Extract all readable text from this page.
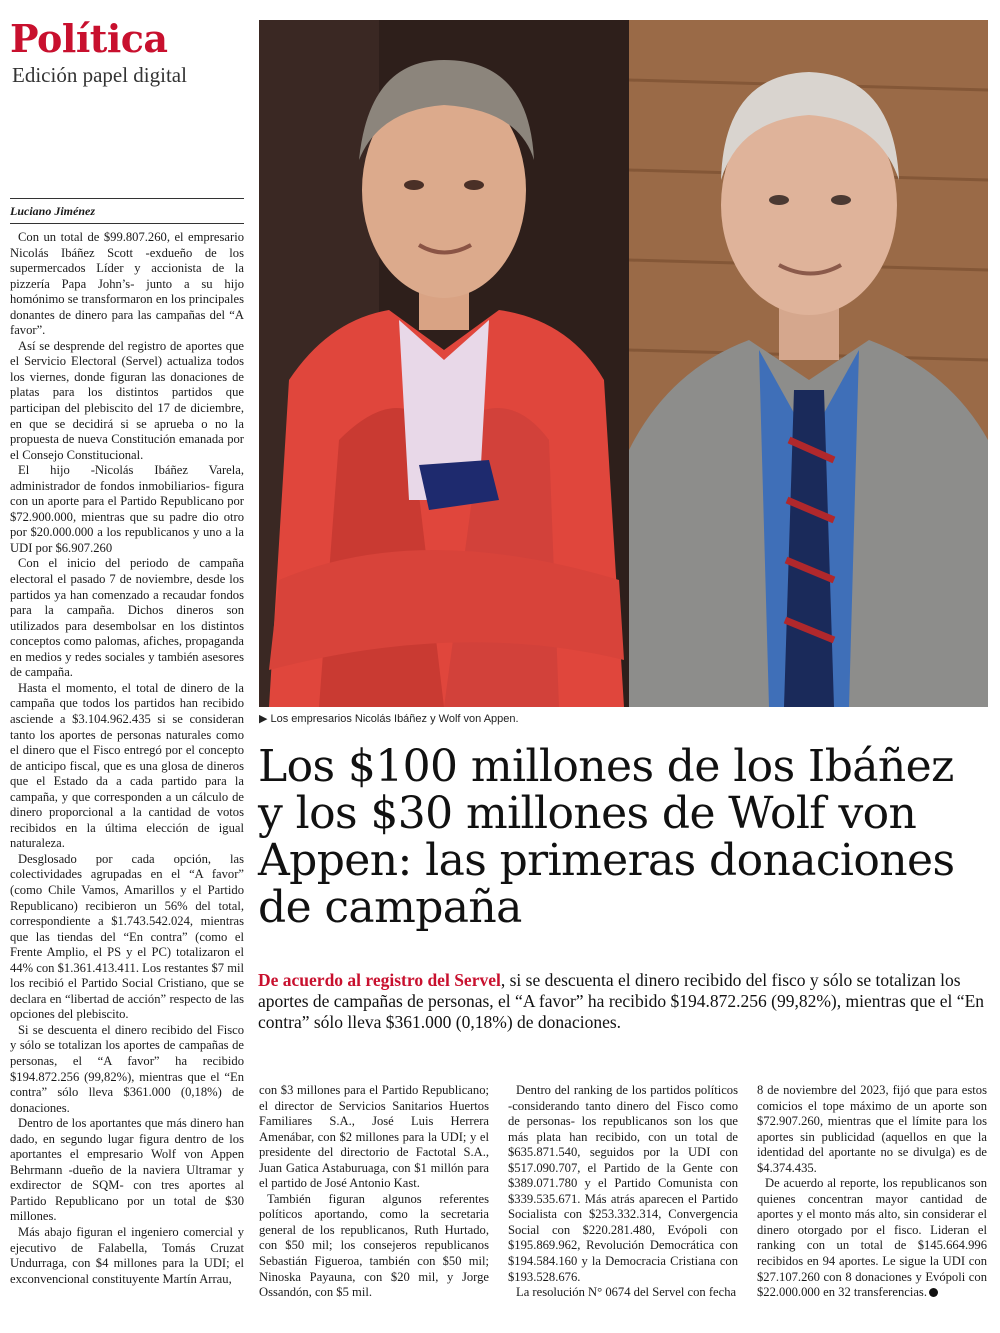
Política
Edición papel digital
Luciano Jiménez

Con un total de $99.807.260, el empresario Nicolás Ibáñez Scott -exdueño de los supermercados Líder y accionista de la pizzería Papa John’s- junto a su hijo homónimo se transformaron en los principales donantes de dinero para las campañas del “A favor”.

Así se desprende del registro de aportes que el Servicio Electoral (Servel) actualiza todos los viernes, donde figuran las donaciones de platas para los distintos partidos que participan del plebiscito del 17 de diciembre, en que se decidirá si se aprueba o no la propuesta de nueva Constitución emanada por el Consejo Constitucional.

El hijo -Nicolás Ibáñez Varela, administrador de fondos inmobiliarios- figura con un aporte para el Partido Republicano por $72.900.000, mientras que su padre dio otro por $20.000.000 a los republicanos y uno a la UDI por $6.907.260

Con el inicio del periodo de campaña electoral el pasado 7 de noviembre, desde los partidos ya han comenzado a recaudar fondos para la campaña. Dichos dineros son utilizados para desembolsar en los distintos conceptos como palomas, afiches, propaganda en medios y redes sociales y también asesores de campaña.

Hasta el momento, el total de dinero de la campaña que todos los partidos han recibido asciende a $3.104.962.435 si se consideran tanto los aportes de personas naturales como el dinero que el Fisco entregó por el concepto de anticipo fiscal, que es una glosa de dineros que el Estado da a cada partido para la campaña, y que corresponden a un cálculo de dinero proporcional a la cantidad de votos recibidos en la última elección de igual naturaleza.

Desglosado por cada opción, las colectividades agrupadas en el “A favor” (como Chile Vamos, Amarillos y el Partido Republicano) recibieron un 56% del total, correspondiente a $1.743.542.024, mientras que las tiendas del “En contra” (como el Frente Amplio, el PS y el PC) totalizaron el 44% con $1.361.413.411. Los restantes $7 mil los recibió el Partido Social Cristiano, que se declara en “libertad de acción” respecto de las opciones del plebiscito.

Si se descuenta el dinero recibido del Fisco y sólo se totalizan los aportes de campañas de personas, el “A favor” ha recibido $194.872.256 (99,82%), mientras que el “En contra” sólo lleva $361.000 (0,18%) de donaciones.

Dentro de los aportantes que más dinero han dado, en segundo lugar figura dentro de los aportantes el empresario Wolf von Appen Behrmann -dueño de la naviera Ultramar y exdirector de SQM- con tres aportes al Partido Republicano por un total de $30 millones.

Más abajo figuran el ingeniero comercial y ejecutivo de Falabella, Tomás Cruzat Undurraga, con $4 millones para la UDI; el exconvencional constituyente Martín Arrau,

▶ Los empresarios Nicolás Ibáñez y Wolf von Appen.
Los $100 millones de los Ibáñez y los $30 millones de Wolf von Appen: las primeras donaciones de campaña

De acuerdo al registro del Servel, si se descuenta el dinero recibido del fisco y sólo se totalizan los aportes de campañas de personas, el “A favor” ha recibido $194.872.256 (99,82%), mientras que el “En contra” sólo lleva $361.000 (0,18%) de donaciones.

con $3 millones para el Partido Republicano; el director de Servicios Sanitarios Huertos Familiares S.A., José Luis Herrera Amenábar, con $2 millones para la UDI; y el presidente del directorio de Factotal S.A., Juan Gatica Astaburuaga, con $1 millón para el partido de José Antonio Kast.

También figuran algunos referentes políticos aportando, como la secretaria general de los republicanos, Ruth Hurtado, con $50 mil; los consejeros republicanos Sebastián Figueroa, también con $50 mil; Ninoska Payauna, con $20 mil, y Jorge Ossandón, con $5 mil.

Dentro del ranking de los partidos políticos -considerando tanto dinero del Fisco como de personas- los republicanos son los que más plata han recibido, con un total de $635.871.540, seguidos por la UDI con $517.090.707, el Partido de la Gente con $389.071.780 y el Partido Comunista con $339.535.671. Más atrás aparecen el Partido Socialista con $253.332.314, Convergencia Social con $220.281.480, Evópoli con $195.869.962, Revolución Democrática con $194.584.160 y la Democracia Cristiana con $193.528.676.

La resolución N° 0674 del Servel con fecha

8 de noviembre del 2023, fijó que para estos comicios el tope máximo de un aporte son $72.907.260, mientras que el límite para los aportes sin publicidad (aquellos en que la identidad del aportante no se divulga) es de $4.374.435.

De acuerdo al reporte, los republicanos son quienes concentran mayor cantidad de aportes y el monto más alto, sin considerar el dinero otorgado por el fisco. Lideran el ranking con un total de $145.664.996 recibidos en 94 aportes. Le sigue la UDI con $27.107.260 con 8 donaciones y Evópoli con $22.000.000 en 32 transferencias.
